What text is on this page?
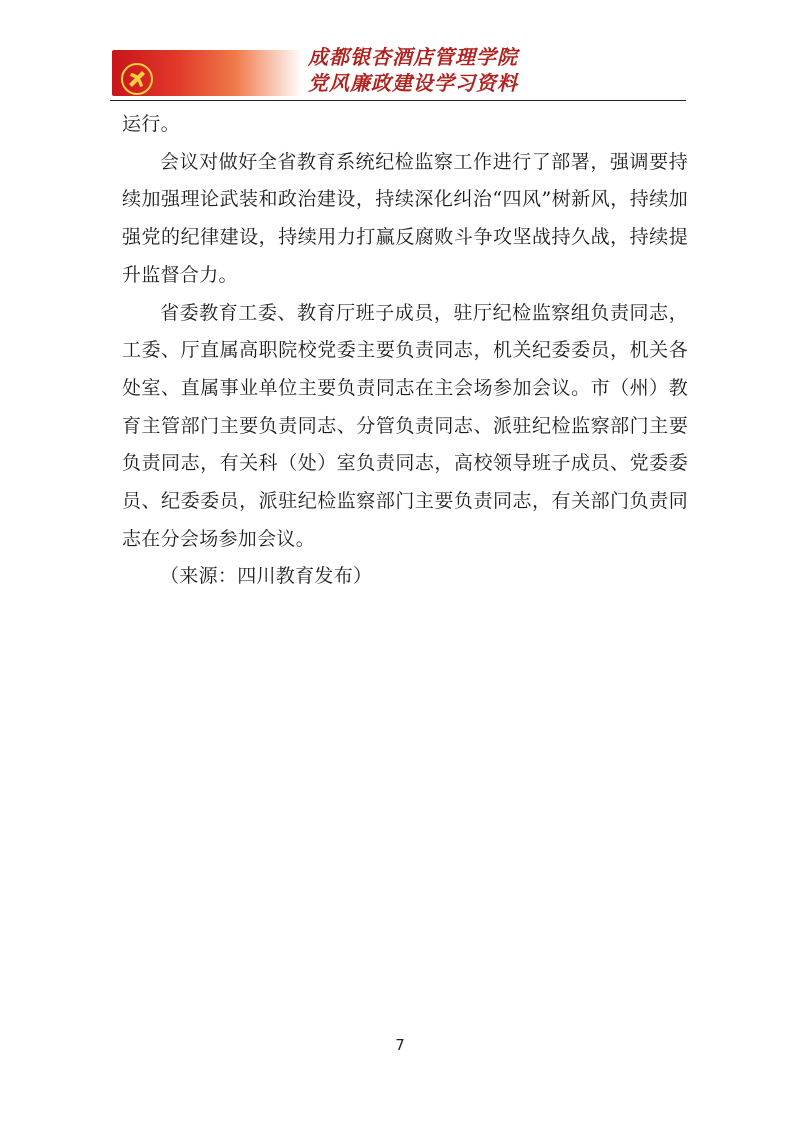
成都银杏酒店管理学院
党风廉政建设学习资料

运行。

会议对做好全省教育系统纪检监察工作进行了部署，强调要持续加强理论武装和政治建设，持续深化纠治“四风”树新风，持续加强党的纪律建设，持续用力打赢反腐败斗争攻坚战持久战，持续提升监督合力。

省委教育工委、教育厅班子成员，驻厅纪检监察组负责同志，工委、厅直属高职院校党委主要负责同志，机关纪委委员，机关各处室、直属事业单位主要负责同志在主会场参加会议。市（州）教育主管部门主要负责同志、分管负责同志、派驻纪检监察部门主要负责同志，有关科（处）室负责同志，高校领导班子成员、党委委员、纪委委员，派驻纪检监察部门主要负责同志，有关部门负责同志在分会场参加会议。

（来源：四川教育发布）

7
